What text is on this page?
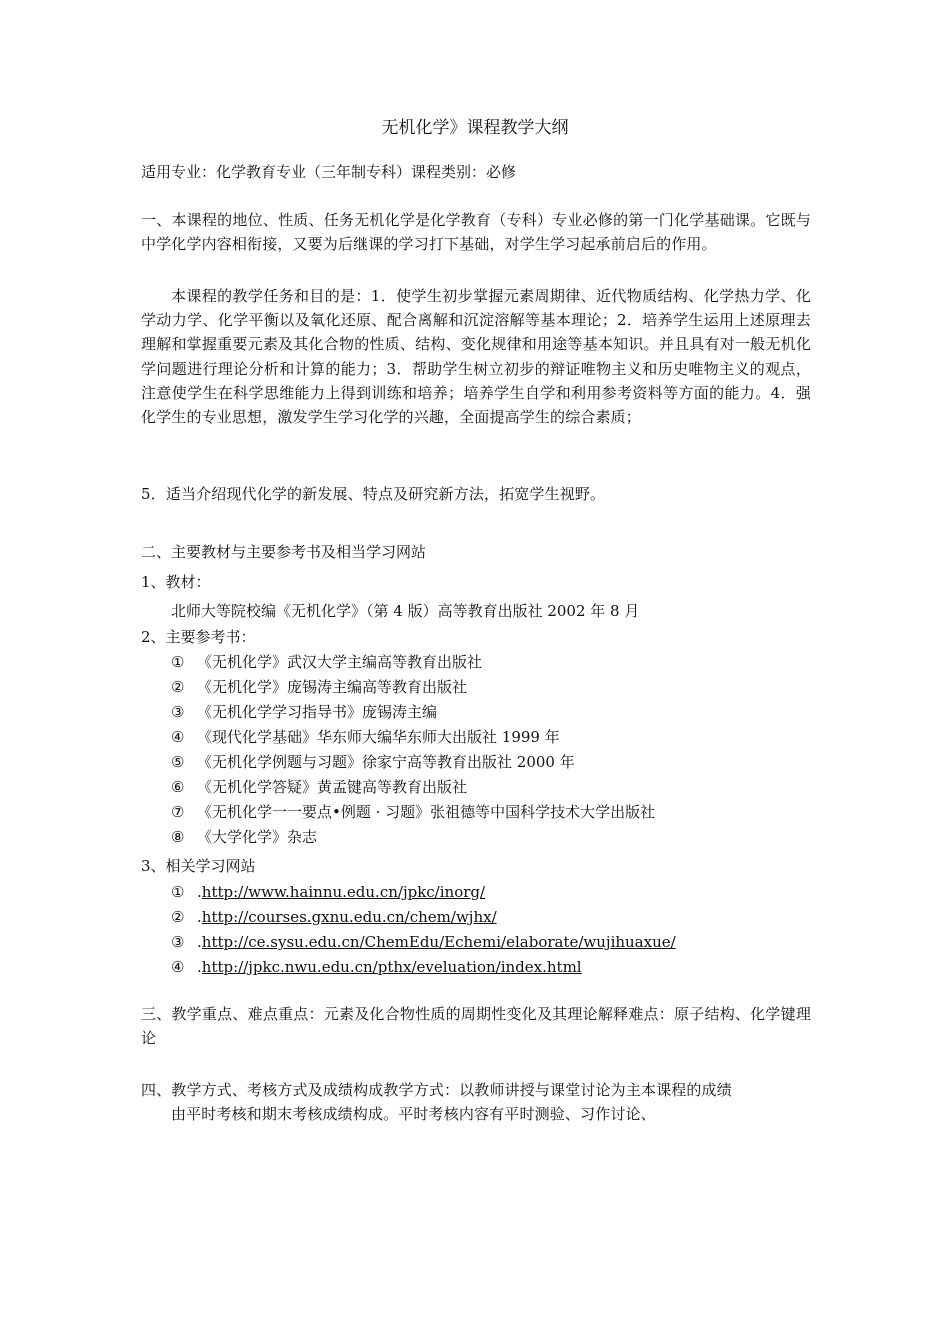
无机化学》课程教学大纲
适用专业：化学教育专业（三年制专科）课程类别：必修
一、本课程的地位、性质、任务无机化学是化学教育（专科）专业必修的第一门化学基础课。它既与中学化学内容相衔接，又要为后继课的学习打下基础，对学生学习起承前启后的作用。
本课程的教学任务和目的是：1．使学生初步掌握元素周期律、近代物质结构、化学热力学、化学动力学、化学平衡以及氧化还原、配合离解和沉淀溶解等基本理论；2．培养学生运用上述原理去理解和掌握重要元素及其化合物的性质、结构、变化规律和用途等基本知识。并且具有对一般无机化学问题进行理论分析和计算的能力；3．帮助学生树立初步的辩证唯物主义和历史唯物主义的观点，注意使学生在科学思维能力上得到训练和培养；培养学生自学和利用参考资料等方面的能力。4．强化学生的专业思想，激发学生学习化学的兴趣，全面提高学生的综合素质；
5．适当介绍现代化学的新发展、特点及研究新方法，拓宽学生视野。
二、主要教材与主要参考书及相当学习网站
1、教材：
北师大等院校编《无机化学》（第 4 版）高等教育出版社 2002 年 8 月
2、主要参考书：
① 《无机化学》武汉大学主编高等教育出版社
② 《无机化学》庞锡涛主编高等教育出版社
③ 《无机化学学习指导书》庞锡涛主编
④ 《现代化学基础》华东师大编华东师大出版社 1999 年
⑤ 《无机化学例题与习题》徐家宁高等教育出版社 2000 年
⑥ 《无机化学答疑》黄孟键高等教育出版社
⑦ 《无机化学一一要点•例题 · 习题》张祖德等中国科学技术大学出版社
⑧ 《大学化学》杂志
3、相关学习网站
① .http://www.hainnu.edu.cn/jpkc/inorg/
② .http://courses.gxnu.edu.cn/chem/wjhx/
③ .http://ce.sysu.edu.cn/ChemEdu/Echemi/elaborate/wujihuaxue/
④ .http://jpkc.nwu.edu.cn/pthx/eveluation/index.html
三、教学重点、难点重点：元素及化合物性质的周期性变化及其理论解释难点：原子结构、化学键理论
四、教学方式、考核方式及成绩构成教学方式：以教师讲授与课堂讨论为主本课程的成绩
由平时考核和期末考核成绩构成。平时考核内容有平时测验、习作讨论、
